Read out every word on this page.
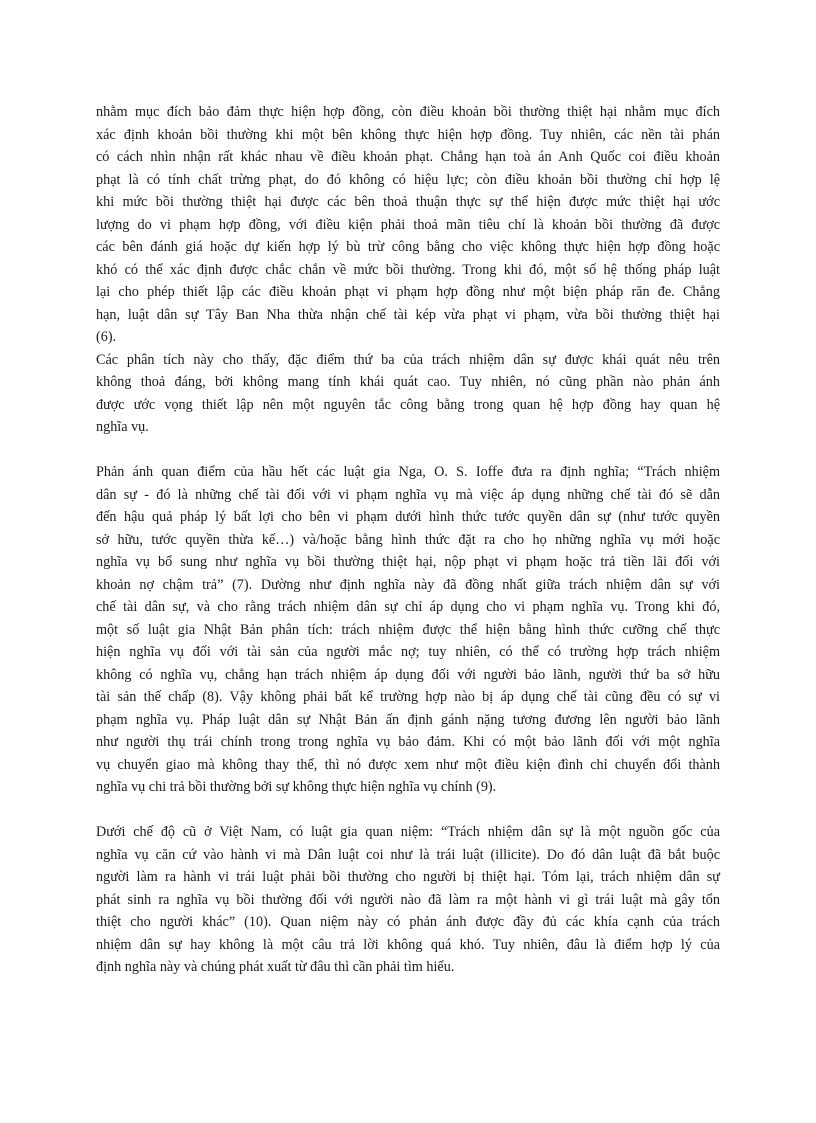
nhằm mục đích bảo đảm thực hiện hợp đồng, còn điều khoản bồi thường thiệt hại nhằm mục đích
xác định khoản bồi thường khi một bên không thực hiện hợp đồng. Tuy nhiên, các nền tài phán
có cách nhìn nhận rất khác nhau về điều khoản phạt. Chẳng hạn toà án Anh Quốc coi điều khoản
phạt là có tính chất trừng phạt, do đó không có hiệu lực; còn điều khoản bồi thường chỉ hợp lệ
khi mức bồi thường thiệt hại được các bên thoả thuận thực sự thể hiện được mức thiệt hại ước
lượng do vi phạm hợp đồng, với điều kiện phải thoả mãn tiêu chí là khoản bồi thường đã được
các bên đánh giá hoặc dự kiến hợp lý bù trừ công bằng cho việc không thực hiện hợp đồng hoặc
khó có thể xác định được chắc chắn về mức bồi thường. Trong khi đó, một số hệ thống pháp luật
lại cho phép thiết lập các điều khoản phạt vi phạm hợp đồng như một biện pháp răn đe. Chẳng
hạn, luật dân sự Tây Ban Nha thừa nhận chế tài kép vừa phạt vi phạm, vừa bồi thường thiệt hại
(6).
Các phân tích này cho thấy, đặc điểm thứ ba của trách nhiệm dân sự được khái quát nêu trên
không thoả đáng, bởi không mang tính khái quát cao. Tuy nhiên, nó cũng phần nào phản ánh
được ước vọng thiết lập nên một nguyên tắc công bằng trong quan hệ hợp đồng hay quan hệ
nghĩa vụ.
Phản ánh quan điểm của hầu hết các luật gia Nga, O. S. Ioffe đưa ra định nghĩa; “Trách nhiệm
dân sự - đó là những chế tài đối với vi phạm nghĩa vụ mà việc áp dụng những chế tài đó sẽ dẫn
đến hậu quả pháp lý bất lợi cho bên vi phạm dưới hình thức tước quyền dân sự (như tước quyền
sở hữu, tước quyền thừa kế…) và/hoặc bằng hình thức đặt ra cho họ những nghĩa vụ mới hoặc
nghĩa vụ bổ sung như nghĩa vụ bồi thường thiệt hại, nộp phạt vi phạm hoặc trả tiền lãi đối với
khoản nợ chậm trả” (7). Dường như định nghĩa này đã đồng nhất giữa trách nhiệm dân sự với
chế tài dân sự, và cho rằng trách nhiệm dân sự chỉ áp dụng cho vi phạm nghĩa vụ. Trong khi đó,
một số luật gia Nhật Bản phân tích: trách nhiệm được thể hiện bằng hình thức cưỡng chế thực
hiện nghĩa vụ đối với tài sản của người mắc nợ; tuy nhiên, có thể có trường hợp trách nhiệm
không có nghĩa vụ, chẳng hạn trách nhiệm áp dụng đối với người bảo lãnh, người thứ ba sở hữu
tài sản thế chấp (8). Vậy không phải bất kể trường hợp nào bị áp dụng chế tài cũng đều có sự vi
phạm nghĩa vụ. Pháp luật dân sự Nhật Bản ấn định gánh nặng tương đương lên người bảo lãnh
như người thụ trái chính trong trong nghĩa vụ bảo đảm. Khi có một bảo lãnh đối với một nghĩa
vụ chuyển giao mà không thay thế, thì nó được xem như một điều kiện đình chỉ chuyển đổi thành
nghĩa vụ chi trả bồi thường bởi sự không thực hiện nghĩa vụ chính (9).
Dưới chế độ cũ ở Việt Nam, có luật gia quan niệm: “Trách nhiệm dân sự là một nguồn gốc của
nghĩa vụ căn cứ vào hành vi mà Dân luật coi như là trái luật (illicite). Do đó dân luật đã bắt buộc
người làm ra hành vi trái luật phải bồi thường cho người bị thiệt hại. Tóm lại, trách nhiệm dân sự
phát sinh ra nghĩa vụ bồi thường đối với người nào đã làm ra một hành vi gì trái luật mà gây tổn
thiệt cho người khác” (10). Quan niệm này có phản ánh được đầy đủ các khía cạnh của trách
nhiệm dân sự hay không là một câu trả lời không quá khó. Tuy nhiên, đâu là điểm hợp lý của
định nghĩa này và chúng phát xuất từ đâu thì cần phải tìm hiểu.
